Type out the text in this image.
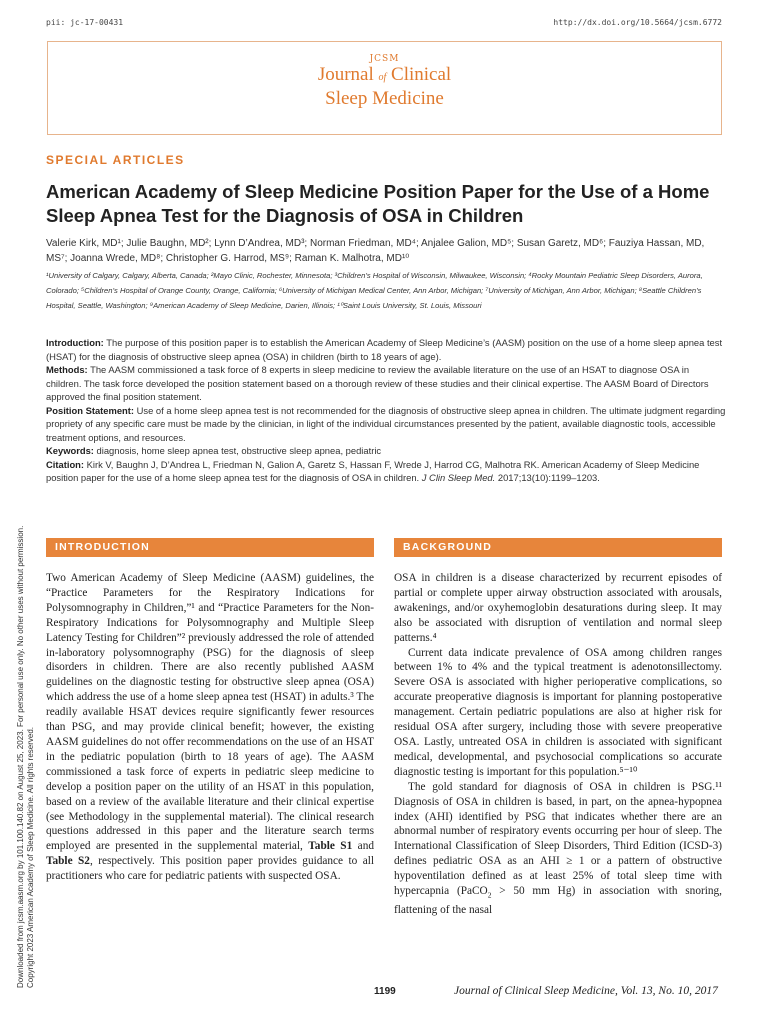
pii: jc-17-00431	http://dx.doi.org/10.5664/jcsm.6772
JCSM
Journal of Clinical
Sleep Medicine
SPECIAL ARTICLES
American Academy of Sleep Medicine Position Paper for the Use of a Home Sleep Apnea Test for the Diagnosis of OSA in Children
Valerie Kirk, MD¹; Julie Baughn, MD²; Lynn D’Andrea, MD³; Norman Friedman, MD⁴; Anjalee Galion, MD⁵; Susan Garetz, MD⁶; Fauziya Hassan, MD, MS⁷; Joanna Wrede, MD⁸; Christopher G. Harrod, MS⁹; Raman K. Malhotra, MD¹⁰
¹University of Calgary, Calgary, Alberta, Canada; ²Mayo Clinic, Rochester, Minnesota; ³Children’s Hospital of Wisconsin, Milwaukee, Wisconsin; ⁴Rocky Mountain Pediatric Sleep Disorders, Aurora, Colorado; ⁵Children’s Hospital of Orange County, Orange, California; ⁶University of Michigan Medical Center, Ann Arbor, Michigan; ⁷University of Michigan, Ann Arbor, Michigan; ⁸Seattle Children’s Hospital, Seattle, Washington; ⁹American Academy of Sleep Medicine, Darien, Illinois; ¹⁰Saint Louis University, St. Louis, Missouri

Introduction: The purpose of this position paper is to establish the American Academy of Sleep Medicine’s (AASM) position on the use of a home sleep apnea test (HSAT) for the diagnosis of obstructive sleep apnea (OSA) in children (birth to 18 years of age).

Methods: The AASM commissioned a task force of 8 experts in sleep medicine to review the available literature on the use of an HSAT to diagnose OSA in children. The task force developed the position statement based on a thorough review of these studies and their clinical expertise. The AASM Board of Directors approved the final position statement.

Position Statement: Use of a home sleep apnea test is not recommended for the diagnosis of obstructive sleep apnea in children. The ultimate judgment regarding propriety of any specific care must be made by the clinician, in light of the individual circumstances presented by the patient, available diagnostic tools, accessible treatment options, and resources.

Keywords: diagnosis, home sleep apnea test, obstructive sleep apnea, pediatric

Citation: Kirk V, Baughn J, D’Andrea L, Friedman N, Galion A, Garetz S, Hassan F, Wrede J, Harrod CG, Malhotra RK. American Academy of Sleep Medicine position paper for the use of a home sleep apnea test for the diagnosis of OSA in children. J Clin Sleep Med. 2017;13(10):1199–1203.

INTRODUCTION	BACKGROUND

Two American Academy of Sleep Medicine (AASM) guidelines, the “Practice Parameters for the Respiratory Indications for Polysomnography in Children,”¹ and “Practice Parameters for the Non-Respiratory Indications for Polysomnography and Multiple Sleep Latency Testing for Children”² previously addressed the role of attended in-laboratory polysomnography (PSG) for the diagnosis of sleep disorders in children. There are also recently published AASM guidelines on the diagnostic testing for obstructive sleep apnea (OSA) which address the use of a home sleep apnea test (HSAT) in adults.³ The readily available HSAT devices require significantly fewer resources than PSG, and may provide clinical benefit; however, the existing AASM guidelines do not offer recommendations on the use of an HSAT in the pediatric population (birth to 18 years of age). The AASM commissioned a task force of experts in pediatric sleep medicine to develop a position paper on the utility of an HSAT in this population, based on a review of the available literature and their clinical expertise (see Methodology in the supplemental material). The clinical research questions addressed in this paper and the literature search terms employed are presented in the supplemental material, Table S1 and Table S2, respectively. This position paper provides guidance to all practitioners who care for pediatric patients with suspected OSA.

OSA in children is a disease characterized by recurrent episodes of partial or complete upper airway obstruction associated with arousals, awakenings, and/or oxyhemoglobin desaturations during sleep. It may also be associated with disruption of ventilation and normal sleep patterns.⁴

Current data indicate prevalence of OSA among children ranges between 1% to 4% and the typical treatment is adenotonsillectomy. Severe OSA is associated with higher perioperative complications, so accurate preoperative diagnosis is important for planning postoperative management. Certain pediatric populations are also at higher risk for residual OSA after surgery, including those with severe preoperative OSA. Lastly, untreated OSA in children is associated with significant medical, developmental, and psychosocial complications so accurate diagnostic testing is important for this population.⁵⁻¹⁰

The gold standard for diagnosis of OSA in children is PSG.¹¹ Diagnosis of OSA in children is based, in part, on the apnea-hypopnea index (AHI) identified by PSG that indicates whether there are an abnormal number of respiratory events occurring per hour of sleep. The International Classification of Sleep Disorders, Third Edition (ICSD-3) defines pediatric OSA as an AHI ≥ 1 or a pattern of obstructive hypoventilation defined as at least 25% of total sleep time with hypercapnia (PaCO$_2$ > 50 mm Hg) in association with snoring, flattening of the nasal

Downloaded from jcsm.aasm.org by 101.100.140.82 on August 25, 2023. For personal use only. No other uses without permission. Copyright 2023 American Academy of Sleep Medicine. All rights reserved.
1199	Journal of Clinical Sleep Medicine, Vol. 13, No. 10, 2017
